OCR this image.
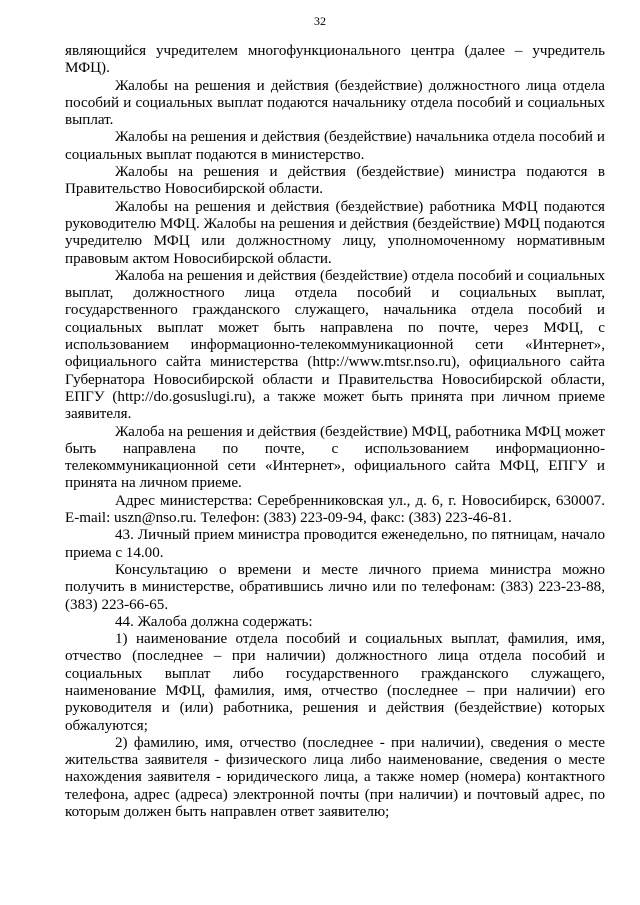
32

являющийся учредителем многофункционального центра (далее – учредитель МФЦ).

Жалобы на решения и действия (бездействие) должностного лица отдела пособий и социальных выплат подаются начальнику отдела пособий и социальных выплат.

Жалобы на решения и действия (бездействие) начальника отдела пособий и социальных выплат подаются в министерство.

Жалобы на решения и действия (бездействие) министра подаются в Правительство Новосибирской области.

Жалобы на решения и действия (бездействие) работника МФЦ подаются руководителю МФЦ. Жалобы на решения и действия (бездействие) МФЦ подаются учредителю МФЦ или должностному лицу, уполномоченному нормативным правовым актом Новосибирской области.

Жалоба на решения и действия (бездействие) отдела пособий и социальных выплат, должностного лица отдела пособий и социальных выплат, государственного гражданского служащего, начальника отдела пособий и социальных выплат может быть направлена по почте, через МФЦ, с использованием информационно-телекоммуникационной сети «Интернет», официального сайта министерства (http://www.mtsr.nso.ru), официального сайта Губернатора Новосибирской области и Правительства Новосибирской области, ЕПГУ (http://do.gosuslugi.ru), а также может быть принята при личном приеме заявителя.

Жалоба на решения и действия (бездействие) МФЦ, работника МФЦ может быть направлена по почте, с использованием информационно-телекоммуникационной сети «Интернет», официального сайта МФЦ, ЕПГУ и принята на личном приеме.

Адрес министерства: Серебренниковская ул., д. 6, г. Новосибирск, 630007. E-mail: uszn@nso.ru. Телефон: (383) 223-09-94, факс: (383) 223-46-81.

43. Личный прием министра проводится еженедельно, по пятницам, начало приема с 14.00.

Консультацию о времени и месте личного приема министра можно получить в министерстве, обратившись лично или по телефонам: (383) 223-23-88, (383) 223-66-65.

44. Жалоба должна содержать:

1) наименование отдела пособий и социальных выплат, фамилия, имя, отчество (последнее – при наличии) должностного лица отдела пособий и социальных выплат либо государственного гражданского служащего, наименование МФЦ, фамилия, имя, отчество (последнее – при наличии) его руководителя и (или) работника, решения и действия (бездействие) которых обжалуются;

2) фамилию, имя, отчество (последнее - при наличии), сведения о месте жительства заявителя - физического лица либо наименование, сведения о месте нахождения заявителя - юридического лица, а также номер (номера) контактного телефона, адрес (адреса) электронной почты (при наличии) и почтовый адрес, по которым должен быть направлен ответ заявителю;
